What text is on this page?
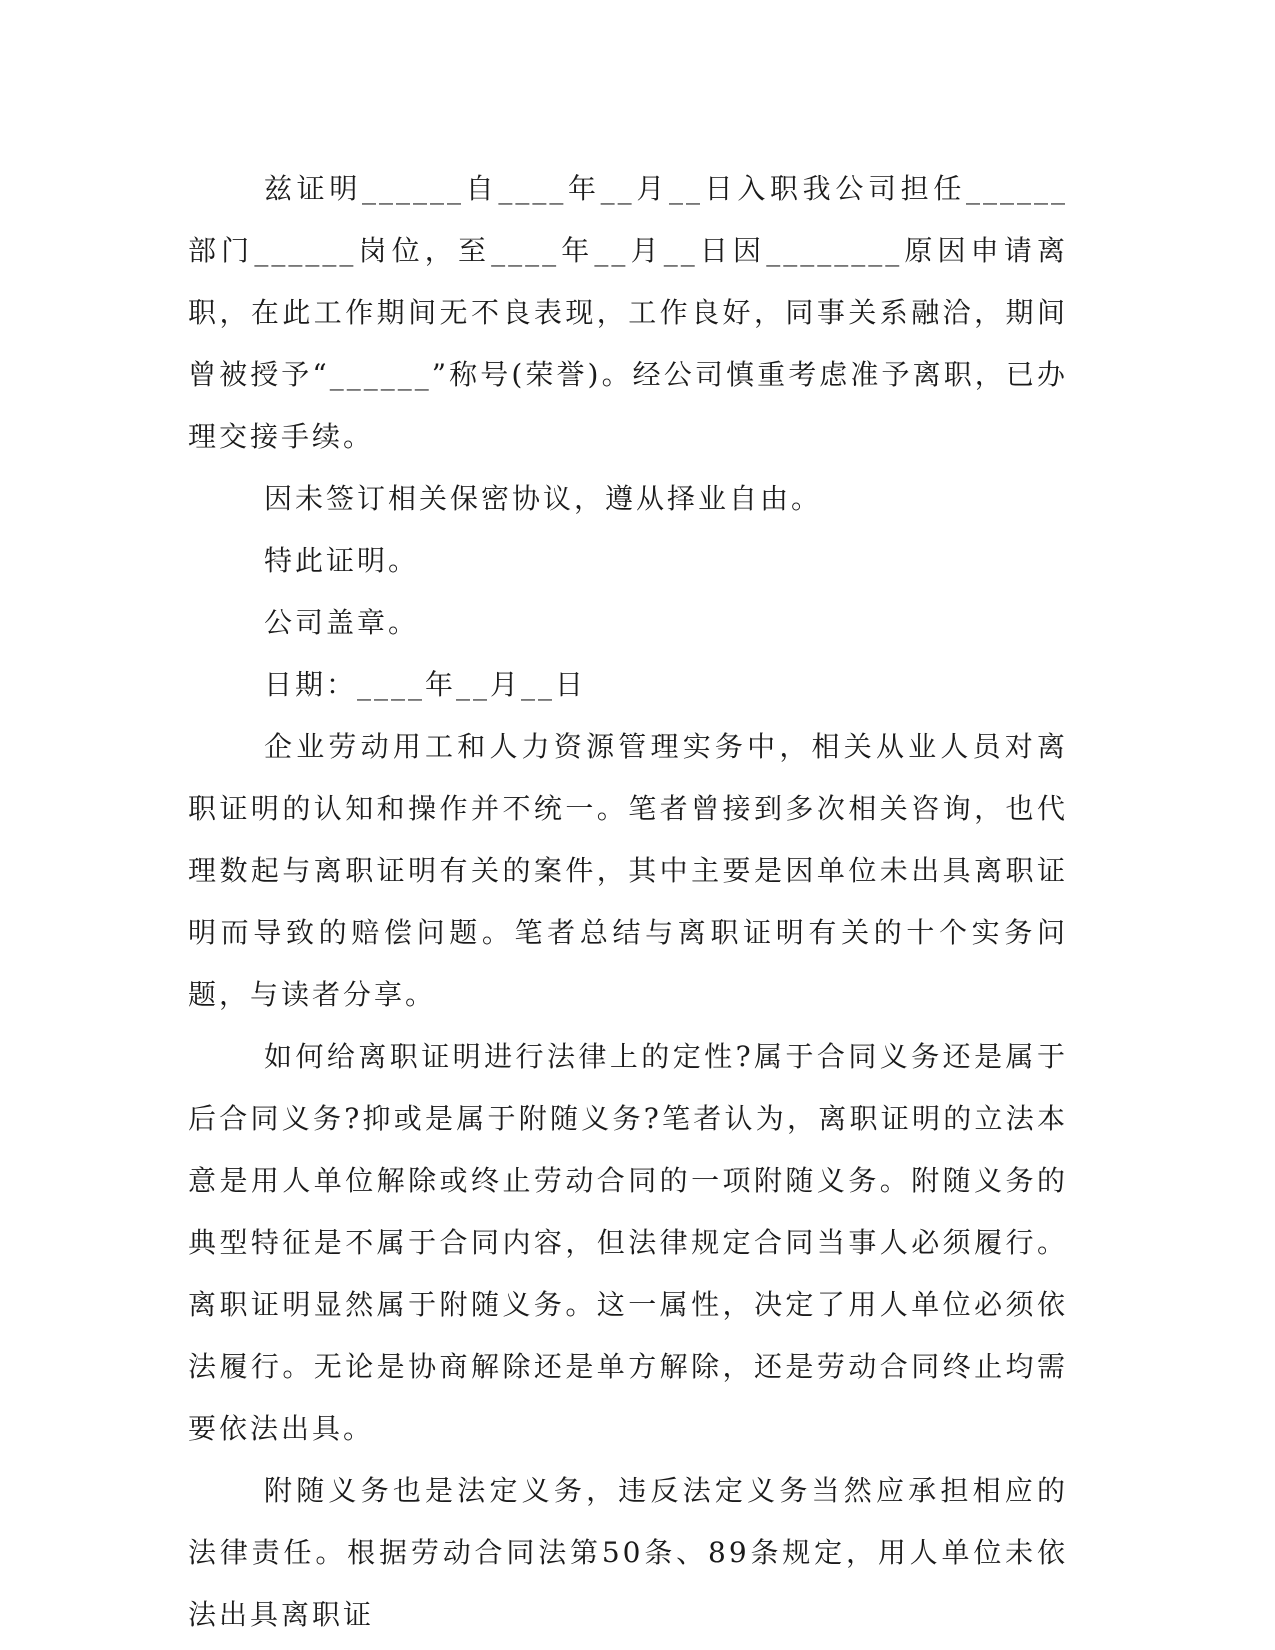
兹证明______自____年__月__日入职我公司担任______部门______岗位，至____年__月__日因________原因申请离职，在此工作期间无不良表现，工作良好，同事关系融洽，期间曾被授予“______”称号(荣誉)。经公司慎重考虑准予离职，已办理交接手续。

因未签订相关保密协议，遵从择业自由。

特此证明。

公司盖章。

日期：____年__月__日

企业劳动用工和人力资源管理实务中，相关从业人员对离职证明的认知和操作并不统一。笔者曾接到多次相关咨询，也代理数起与离职证明有关的案件，其中主要是因单位未出具离职证明而导致的赔偿问题。笔者总结与离职证明有关的十个实务问题，与读者分享。

如何给离职证明进行法律上的定性?属于合同义务还是属于后合同义务?抑或是属于附随义务?笔者认为，离职证明的立法本意是用人单位解除或终止劳动合同的一项附随义务。附随义务的典型特征是不属于合同内容，但法律规定合同当事人必须履行。离职证明显然属于附随义务。这一属性，决定了用人单位必须依法履行。无论是协商解除还是单方解除，还是劳动合同终止均需要依法出具。

附随义务也是法定义务，违反法定义务当然应承担相应的法律责任。根据劳动合同法第50条、89条规定，用人单位未依法出具离职证
